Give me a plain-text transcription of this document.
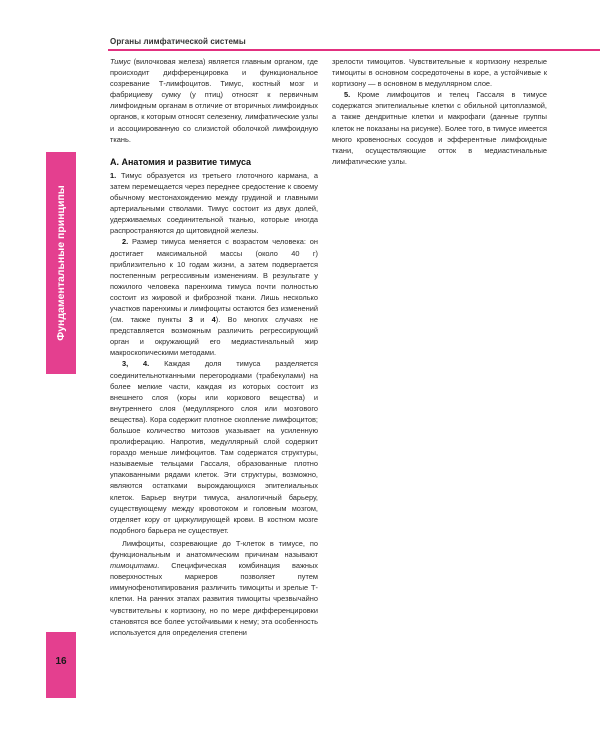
Органы лимфатической системы
Фундаментальные принципы
16

Тимус (вилочковая железа) является главным органом, где происходит дифференцировка и функциональное созревание Т-лимфоцитов. Тимус, костный мозг и фабрициеву сумку (у птиц) относят к первичным лимфоидным органам в отличие от вторичных лимфоидных органов, к которым относят селезенку, лимфатические узлы и ассоциированную со слизистой оболочкой лимфоидную ткань.

А. Анатомия и развитие тимуса

1. Тимус образуется из третьего глоточного кармана, а затем перемещается через переднее средостение к своему обычному местонахождению между грудиной и главными артериальными стволами. Тимус состоит из двух долей, удерживаемых соединительной тканью, которые иногда распространяются до щитовидной железы.

2. Размер тимуса меняется с возрастом человека: он достигает максимальной массы (около 40 г) приблизительно к 10 годам жизни, а затем подвергается постепенным регрессивным изменениям. В результате у пожилого человека паренхима тимуса почти полностью состоит из жировой и фиброзной ткани. Лишь несколько участков паренхимы и лимфоциты остаются без изменений (см. также пункты 3 и 4). Во многих случаях не представляется возможным различить регрессирующий орган и окружающий его медиастинальный жир макроскопическими методами.

3, 4. Каждая доля тимуса разделяется соединительнотканными перегородками (трабекулами) на более мелкие части, каждая из которых состоит из внешнего слоя (коры или коркового вещества) и внутреннего слоя (медуллярного слоя или мозгового вещества). Кора содержит плотное скопление лимфоцитов; большое количество митозов указывает на усиленную пролиферацию. Напротив, медуллярный слой содержит гораздо меньше лимфоцитов. Там содержатся структуры, называемые тельцами Гассаля, образованные плотно упакованными рядами клеток. Эти структуры, возможно, являются остатками вырождающихся эпителиальных клеток. Барьер внутри тимуса, аналогичный барьеру, существующему между кровотоком и головным мозгом, отделяет кору от циркулирующей крови. В костном мозге подобного барьера не существует.

Лимфоциты, созревающие до Т-клеток в тимусе, по функциональным и анатомическим причинам называют тимоцитами. Специфическая комбинация важных поверхностных маркеров позволяет путем иммунофенотипирования различить тимоциты и зрелые Т-клетки. На ранних этапах развития тимоциты чрезвычайно чувствительны к кортизону, но по мере дифференцировки становятся все более устойчивыми к нему; эта особенность используется для определения степени

зрелости тимоцитов. Чувствительные к кортизону незрелые тимоциты в основном сосредоточены в коре, а устойчивые к кортизону — в основном в медуллярном слое.

5. Кроме лимфоцитов и телец Гассаля в тимусе содержатся эпителиальные клетки с обильной цитоплазмой, а также дендритные клетки и макрофаги (данные группы клеток не показаны на рисунке). Более того, в тимусе имеется много кровеносных сосудов и эфферентные лимфоидные ткани, осуществляющие отток в медиастинальные лимфатические узлы.
